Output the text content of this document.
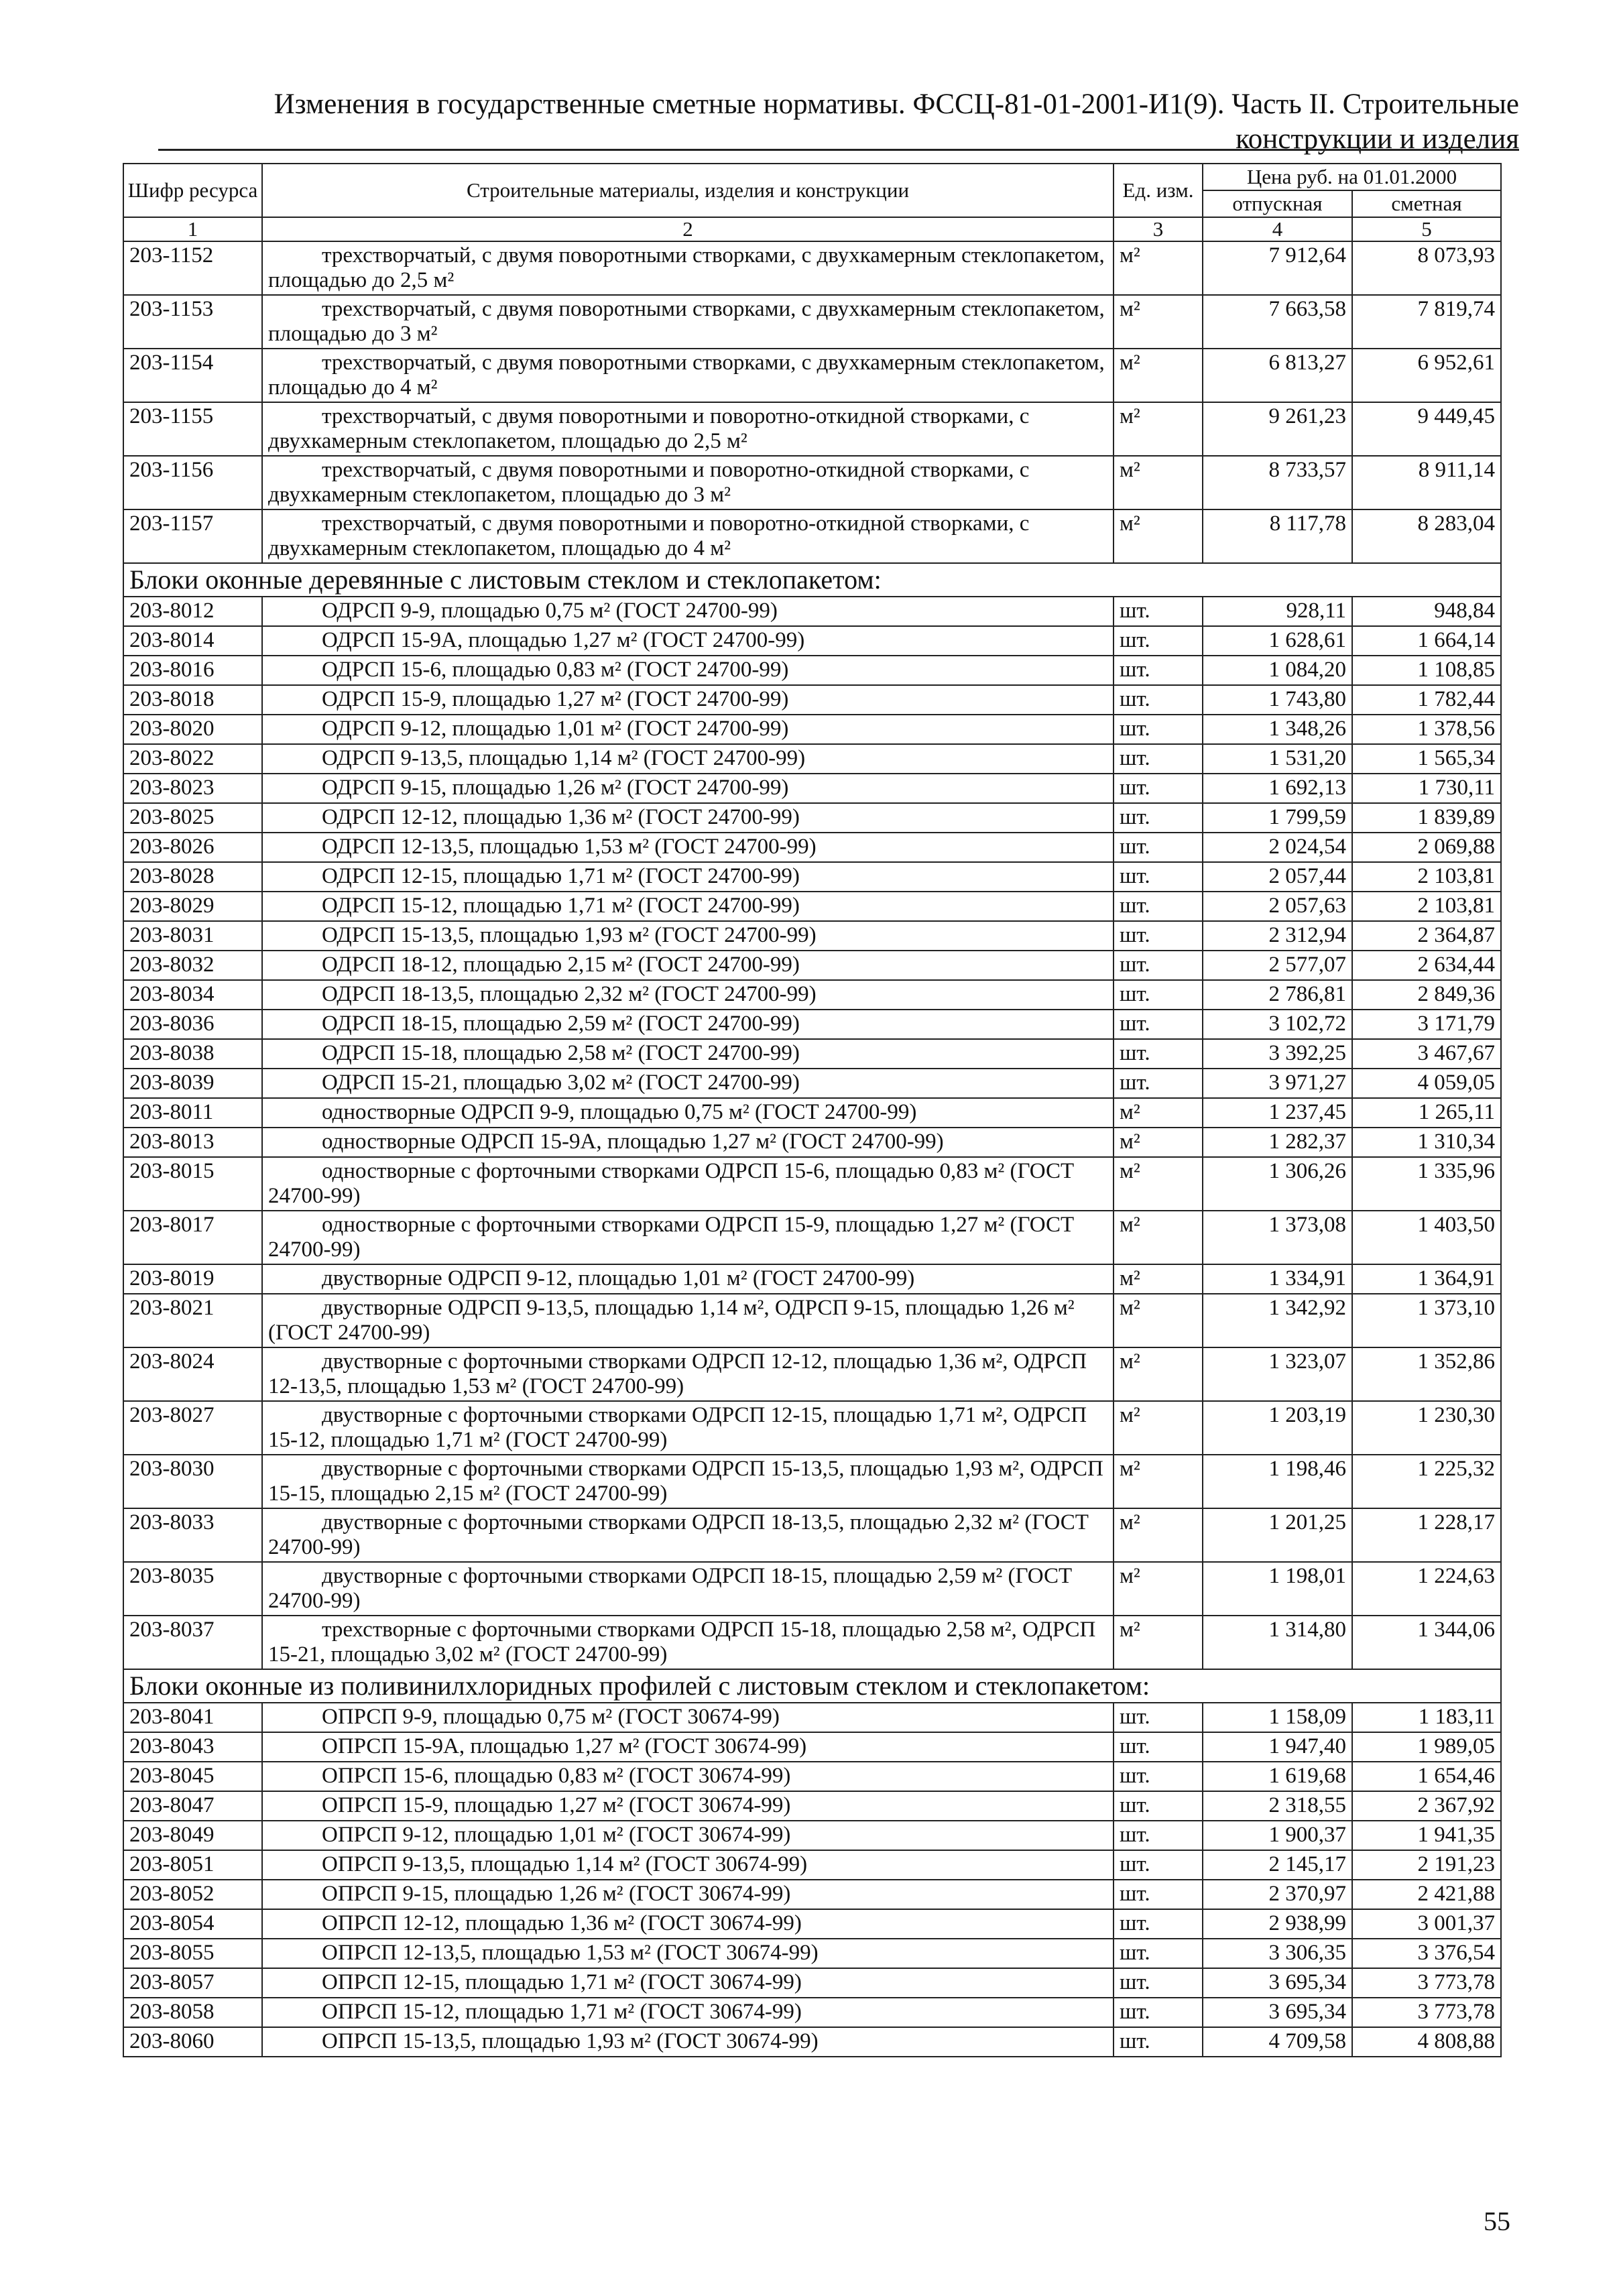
Изменения в государственные сметные нормативы. ФССЦ-81-01-2001-И1(9). Часть II. Строительные конструкции и изделия
Шифр ресурса	Строительные материалы, изделия и конструкции	Ед. изм.	Цена руб. на 01.01.2000	
			отпускная	сметная
1	2	3	4	5
203-1152	трехстворчатый, с двумя поворотными створками, с двухкамерным стеклопакетом, площадью до 2,5 м²	м²	7 912,64	8 073,93
203-1153	трехстворчатый, с двумя поворотными створками, с двухкамерным стеклопакетом, площадью до 3 м²	м²	7 663,58	7 819,74
203-1154	трехстворчатый, с двумя поворотными створками, с двухкамерным стеклопакетом, площадью до 4 м²	м²	6 813,27	6 952,61
203-1155	трехстворчатый, с двумя поворотными и поворотно-откидной створками, с двухкамерным стеклопакетом, площадью до 2,5 м²	м²	9 261,23	9 449,45
203-1156	трехстворчатый, с двумя поворотными и поворотно-откидной створками, с двухкамерным стеклопакетом, площадью до 3 м²	м²	8 733,57	8 911,14
203-1157	трехстворчатый, с двумя поворотными и поворотно-откидной створками, с двухкамерным стеклопакетом, площадью до 4 м²	м²	8 117,78	8 283,04
Блоки оконные деревянные с листовым стеклом и стеклопакетом:				
203-8012	ОДРСП 9-9, площадью 0,75 м² (ГОСТ 24700-99)	шт.	928,11	948,84
203-8014	ОДРСП 15-9А, площадью 1,27 м² (ГОСТ 24700-99)	шт.	1 628,61	1 664,14
203-8016	ОДРСП 15-6, площадью 0,83 м² (ГОСТ 24700-99)	шт.	1 084,20	1 108,85
203-8018	ОДРСП 15-9, площадью 1,27 м² (ГОСТ 24700-99)	шт.	1 743,80	1 782,44
203-8020	ОДРСП 9-12, площадью 1,01 м² (ГОСТ 24700-99)	шт.	1 348,26	1 378,56
203-8022	ОДРСП 9-13,5, площадью 1,14 м² (ГОСТ 24700-99)	шт.	1 531,20	1 565,34
203-8023	ОДРСП 9-15, площадью 1,26 м² (ГОСТ 24700-99)	шт.	1 692,13	1 730,11
203-8025	ОДРСП 12-12, площадью 1,36 м² (ГОСТ 24700-99)	шт.	1 799,59	1 839,89
203-8026	ОДРСП 12-13,5, площадью 1,53 м² (ГОСТ 24700-99)	шт.	2 024,54	2 069,88
203-8028	ОДРСП 12-15, площадью 1,71 м² (ГОСТ 24700-99)	шт.	2 057,44	2 103,81
203-8029	ОДРСП 15-12, площадью 1,71 м² (ГОСТ 24700-99)	шт.	2 057,63	2 103,81
203-8031	ОДРСП 15-13,5, площадью 1,93 м² (ГОСТ 24700-99)	шт.	2 312,94	2 364,87
203-8032	ОДРСП 18-12, площадью 2,15 м² (ГОСТ 24700-99)	шт.	2 577,07	2 634,44
203-8034	ОДРСП 18-13,5, площадью 2,32 м² (ГОСТ 24700-99)	шт.	2 786,81	2 849,36
203-8036	ОДРСП 18-15, площадью 2,59 м² (ГОСТ 24700-99)	шт.	3 102,72	3 171,79
203-8038	ОДРСП 15-18, площадью 2,58 м² (ГОСТ 24700-99)	шт.	3 392,25	3 467,67
203-8039	ОДРСП 15-21, площадью 3,02 м² (ГОСТ 24700-99)	шт.	3 971,27	4 059,05
203-8011	одностворные ОДРСП 9-9, площадью 0,75 м² (ГОСТ 24700-99)	м²	1 237,45	1 265,11
203-8013	одностворные ОДРСП 15-9А, площадью 1,27 м² (ГОСТ 24700-99)	м²	1 282,37	1 310,34
203-8015	одностворные с форточными створками ОДРСП 15-6, площадью 0,83 м² (ГОСТ 24700-99)	м²	1 306,26	1 335,96
203-8017	одностворные с форточными створками ОДРСП 15-9, площадью 1,27 м² (ГОСТ 24700-99)	м²	1 373,08	1 403,50
203-8019	двустворные ОДРСП 9-12, площадью 1,01 м² (ГОСТ 24700-99)	м²	1 334,91	1 364,91
203-8021	двустворные ОДРСП 9-13,5, площадью 1,14 м², ОДРСП 9-15, площадью 1,26 м² (ГОСТ 24700-99)	м²	1 342,92	1 373,10
203-8024	двустворные с форточными створками ОДРСП 12-12, площадью 1,36 м², ОДРСП 12-13,5, площадью 1,53 м² (ГОСТ 24700-99)	м²	1 323,07	1 352,86
203-8027	двустворные с форточными створками ОДРСП 12-15, площадью 1,71 м², ОДРСП 15-12, площадью 1,71 м² (ГОСТ 24700-99)	м²	1 203,19	1 230,30
203-8030	двустворные с форточными створками ОДРСП 15-13,5, площадью 1,93 м², ОДРСП 15-15, площадью 2,15 м² (ГОСТ 24700-99)	м²	1 198,46	1 225,32
203-8033	двустворные с форточными створками ОДРСП 18-13,5, площадью 2,32 м² (ГОСТ 24700-99)	м²	1 201,25	1 228,17
203-8035	двустворные с форточными створками ОДРСП 18-15, площадью 2,59 м² (ГОСТ 24700-99)	м²	1 198,01	1 224,63
203-8037	трехстворные с форточными створками ОДРСП 15-18, площадью 2,58 м², ОДРСП 15-21, площадью 3,02 м² (ГОСТ 24700-99)	м²	1 314,80	1 344,06
Блоки оконные из поливинилхлоридных профилей с листовым стеклом и стеклопакетом:				
203-8041	ОПРСП 9-9, площадью 0,75 м² (ГОСТ 30674-99)	шт.	1 158,09	1 183,11
203-8043	ОПРСП 15-9А, площадью 1,27 м² (ГОСТ 30674-99)	шт.	1 947,40	1 989,05
203-8045	ОПРСП 15-6, площадью 0,83 м² (ГОСТ 30674-99)	шт.	1 619,68	1 654,46
203-8047	ОПРСП 15-9, площадью 1,27 м² (ГОСТ 30674-99)	шт.	2 318,55	2 367,92
203-8049	ОПРСП 9-12, площадью 1,01 м² (ГОСТ 30674-99)	шт.	1 900,37	1 941,35
203-8051	ОПРСП 9-13,5, площадью 1,14 м² (ГОСТ 30674-99)	шт.	2 145,17	2 191,23
203-8052	ОПРСП 9-15, площадью 1,26 м² (ГОСТ 30674-99)	шт.	2 370,97	2 421,88
203-8054	ОПРСП 12-12, площадью 1,36 м² (ГОСТ 30674-99)	шт.	2 938,99	3 001,37
203-8055	ОПРСП 12-13,5, площадью 1,53 м² (ГОСТ 30674-99)	шт.	3 306,35	3 376,54
203-8057	ОПРСП 12-15, площадью 1,71 м² (ГОСТ 30674-99)	шт.	3 695,34	3 773,78
203-8058	ОПРСП 15-12, площадью 1,71 м² (ГОСТ 30674-99)	шт.	3 695,34	3 773,78
203-8060	ОПРСП 15-13,5, площадью 1,93 м² (ГОСТ 30674-99)	шт.	4 709,58	4 808,88
55
